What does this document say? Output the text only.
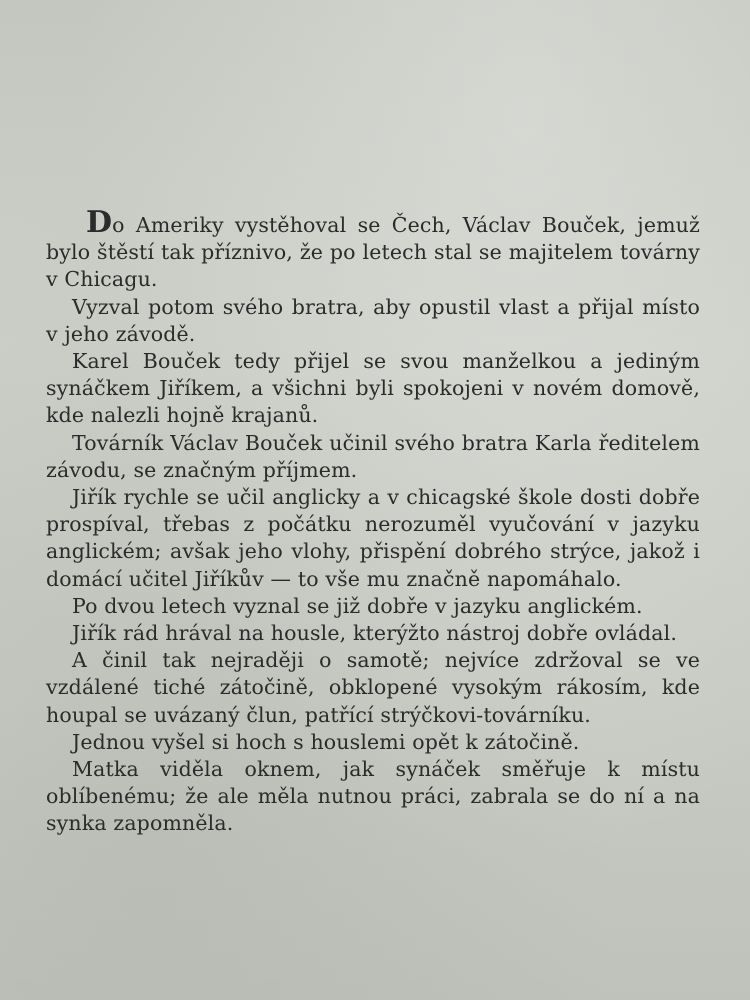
Do Ameriky vystěhoval se Čech, Václav Bouček, jemuž bylo štěstí tak příznivo, že po letech stal se majitelem továrny v Chicagu.

Vyzval potom svého bratra, aby opustil vlast a přijal místo v jeho závodě.

Karel Bouček tedy přijel se svou manželkou a jediným synáčkem Jiříkem, a všichni byli spokojeni v novém domově, kde nalezli hojně krajanů.

Továrník Václav Bouček učinil svého bratra Karla ředitelem závodu, se značným příjmem.

Jiřík rychle se učil anglicky a v chicagské škole dosti dobře prospíval, třebas z počátku nerozuměl vyučování v jazyku anglickém; avšak jeho vlohy, přispění dobrého strýce, jakož i domácí učitel Jiříkův — to vše mu značně napomáhalo.

Po dvou letech vyznal se již dobře v jazyku anglickém.

Jiřík rád hrával na housle, kterýžto nástroj dobře ovládal.

A činil tak nejraději o samotě; nejvíce zdržoval se ve vzdálené tiché zátočině, obklopené vysokým rákosím, kde houpal se uvázaný člun, patřící strýčkovi-továrníku.

Jednou vyšel si hoch s houslemi opět k zátočině.

Matka viděla oknem, jak synáček směřuje k místu oblíbenému; že ale měla nutnou práci, zabrala se do ní a na synka zapomněla.
